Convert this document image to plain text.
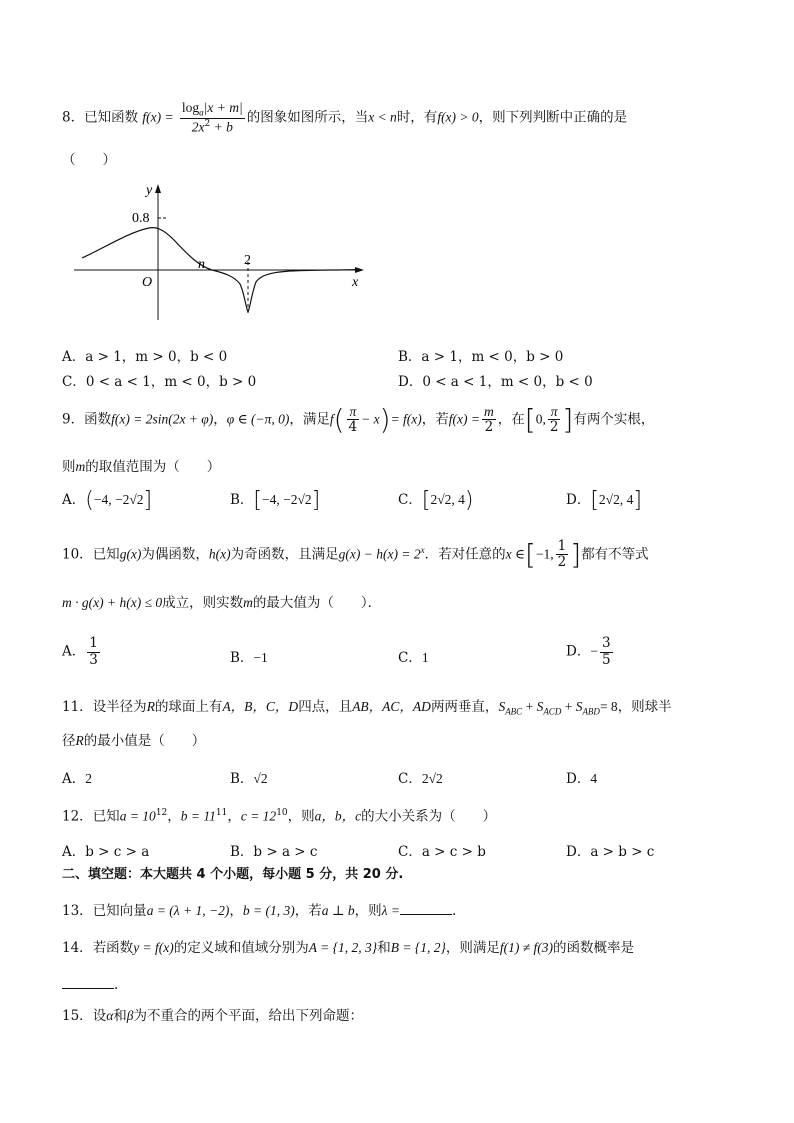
8．已知函数 $f(x) = \frac{\log_a|x + m|}{2x^2 + b}$ 的图象如图所示，当x < n时，有f(x) > 0，则下列判断中正确的是
（　　）
y
0.8
O
n	2
x
A．a > 1，m > 0，b < 0	B．a > 1，m < 0，b > 0
C．0 < a < 1，m < 0，b > 0	D．0 < a < 1，m < 0，b < 0
9．函数f(x) = 2sin(2x + φ)，φ ∈ (−π, 0)，满足$f( \frac{\pi}{4} - x)= f(x)$，若$f(x) = \frac{m}{2}$ ，在[0, $\frac{\pi}{2}$ ]有两个实根，
则m的取值范围为（　　）
A．(−4, −2√2]	B．[−4, −2√2]	C．[2√2, 4)	D．[2√2, 4]
10．已知g(x)为偶函数，h(x)为奇函数，且满足$g(x) - h(x) = 2^x$．若对任意的x ∈[−1, $\frac{1}{2}$ ]都有不等式
m · g(x) + h(x) ≤ 0成立，则实数m的最大值为（　　）．
A． $\frac{1}{3}$	B．−1	C．1	D．− $\frac{3}{5}$
11．设半径为R的球面上有A，B，C，D四点，且AB，AC，AD两两垂直，$S_{ABC} + S_{ACD} + S_{ABD}= 8$，则球半
径R的最小值是（　　）
A．2	B．√2	C．2√2	D．4
12．已知$a = 10^{12}$，$b = 11^{11}$，$c = 12^{10}$，则a，b，c的大小关系为（　　）
A．b > c > a	B．b > a > c	C．a > c > b	D．a > b > c
二、填空题：本大题共 4 个小题，每小题 5 分，共 20 分.
13．已知向量a = (λ + 1, −2)，b = (1, 3)，若a ⊥ b，则λ =	.
14．若函数y = f(x)的定义域和值域分别为A = {1, 2, 3}和B = {1, 2}，则满足f(1) ≠ f(3)的函数概率是
.
15．设α和β为不重合的两个平面，给出下列命题：
